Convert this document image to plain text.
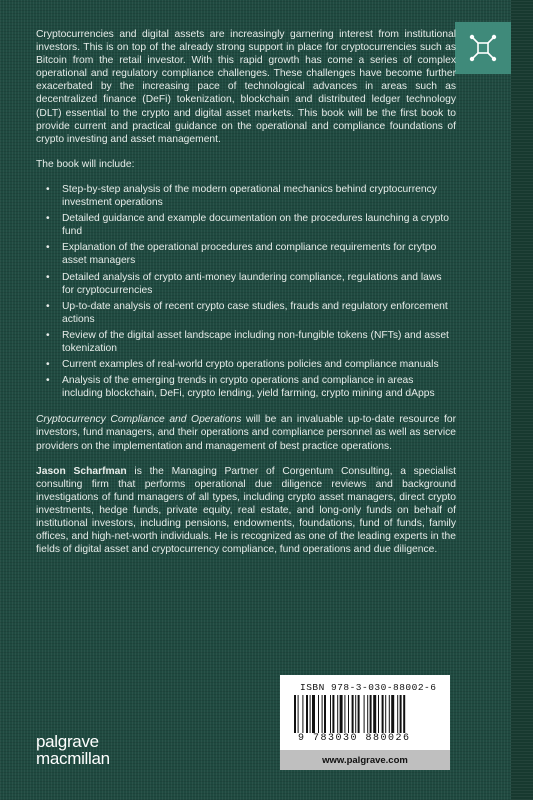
Cryptocurrencies and digital assets are increasingly garnering interest from institutional investors. This is on top of the already strong support in place for cryptocurrencies such as Bitcoin from the retail investor. With this rapid growth has come a series of complex operational and regulatory compliance challenges. These challenges have become further exacerbated by the increasing pace of technological advances in areas such as decentralized finance (DeFi) tokenization, blockchain and distributed ledger technology (DLT) essential to the crypto and digital asset markets. This book will be the first book to provide current and practical guidance on the operational and compliance foundations of crypto investing and asset management.

The book will include:

• Step-by-step analysis of the modern operational mechanics behind cryptocurrency investment operations
• Detailed guidance and example documentation on the procedures launching a crypto fund
• Explanation of the operational procedures and compliance requirements for crytpo asset managers
• Detailed analysis of crypto anti-money laundering compliance, regulations and laws for cryptocurrencies
• Up-to-date analysis of recent crypto case studies, frauds and regulatory enforcement actions
• Review of the digital asset landscape including non-fungible tokens (NFTs) and asset tokenization
• Current examples of real-world crypto operations policies and compliance manuals
• Analysis of the emerging trends in crypto operations and compliance in areas including blockchain, DeFi, crypto lending, yield farming, crypto mining and dApps

Cryptocurrency Compliance and Operations will be an invaluable up-to-date resource for investors, fund managers, and their operations and compliance personnel as well as service providers on the implementation and management of best practice operations.

Jason Scharfman is the Managing Partner of Corgentum Consulting, a specialist consulting firm that performs operational due diligence reviews and background investigations of fund managers of all types, including crypto asset managers, direct crypto investments, hedge funds, private equity, real estate, and long-only funds on behalf of institutional investors, including pensions, endowments, foundations, fund of funds, family offices, and high-net-worth individuals. He is recognized as one of the leading experts in the fields of digital asset and cryptocurrency compliance, fund operations and due diligence.

ISBN 978-3-030-88002-6
9 783030 880026
www.palgrave.com
palgrave
macmillan
